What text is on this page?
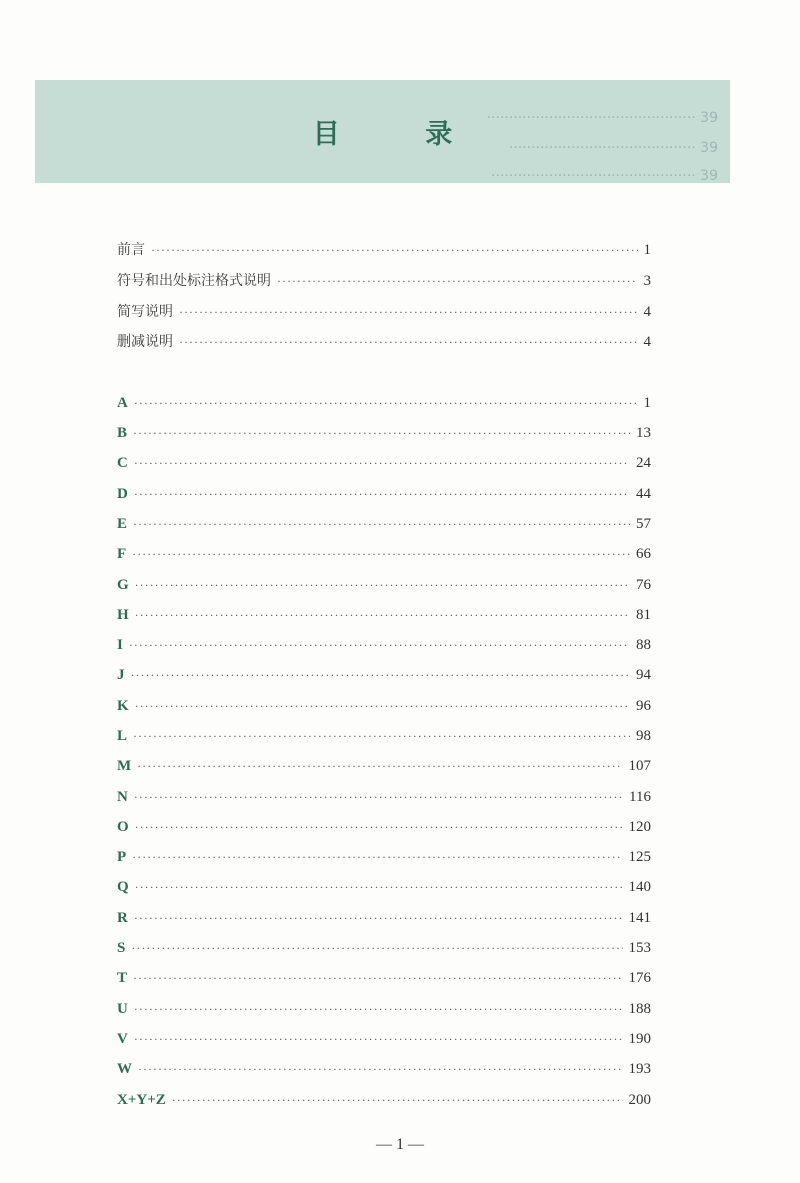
··············································· 39
·········································· 39
·············································· 39
目 录
前言 ·····	1
符号和出处标注格式说明 ·····	3
简写说明 ·····	4
删减说明 ·····	4
A ·····	1
B ·····	13
C ·····	24
D ·····	44
E ·····	57
F ·····	66
G ·····	76
H ·····	81
I ·····	88
J ·····	94
K ·····	96
L ·····	98
M ·····	107
N ·····	116
O ·····	120
P ·····	125
Q ·····	140
R ·····	141
S ·····	153
T ·····	176
U ·····	188
V ·····	190
W ·····	193
X+Y+Z ·····	200
— 1 —
